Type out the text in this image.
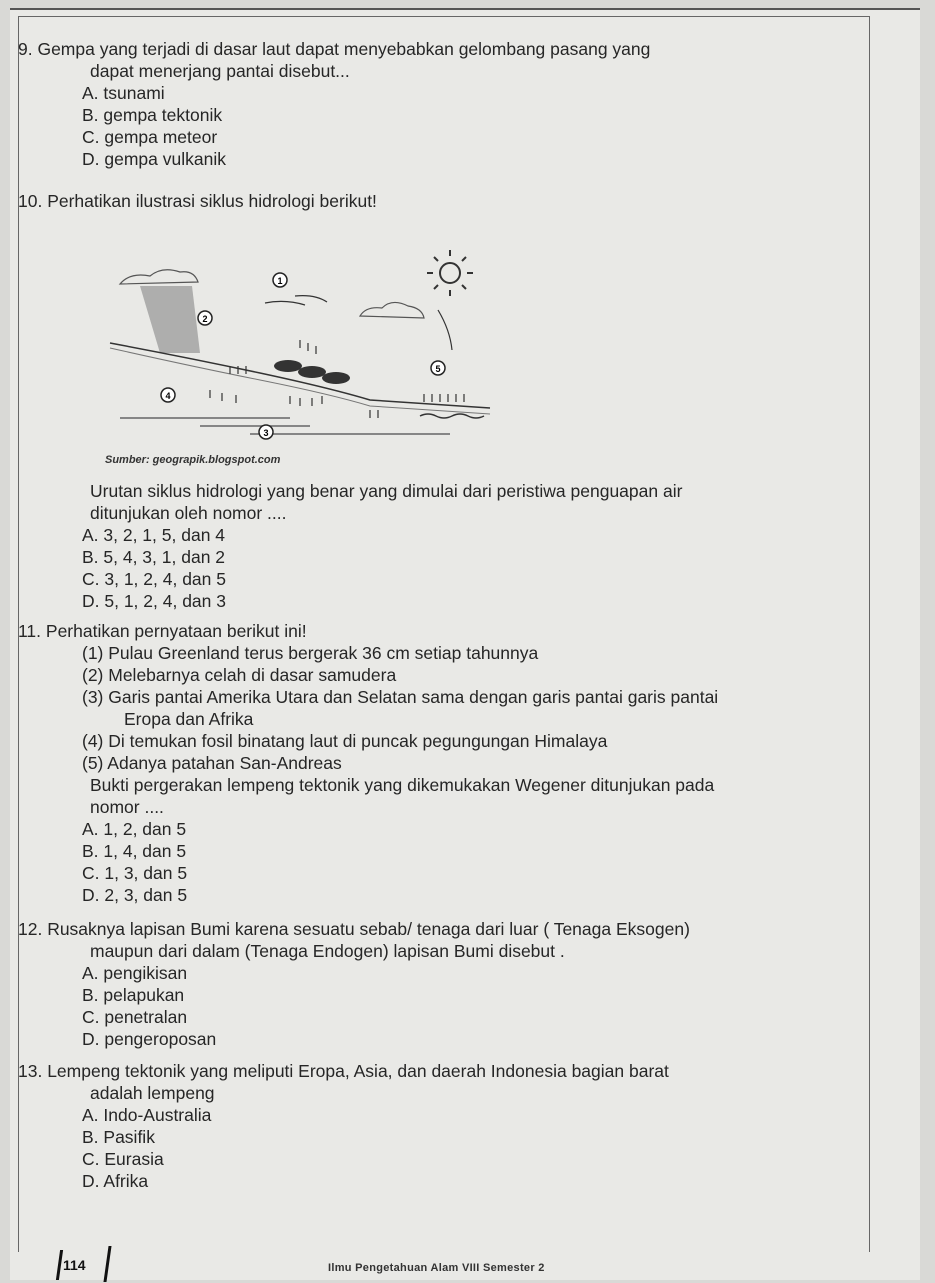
9. Gempa yang terjadi di dasar laut dapat menyebabkan gelombang pasang yang

dapat menerjang pantai disebut...

A. tsunami

B. gempa tektonik

C. gempa meteor

D. gempa vulkanik

10. Perhatikan ilustrasi siklus hidrologi berikut!

1
2
3
4
5
Sumber: geograpik.blogspot.com

Urutan siklus hidrologi yang benar yang dimulai dari peristiwa penguapan air

ditunjukan oleh nomor ....

A. 3, 2, 1, 5, dan 4

B. 5, 4, 3, 1, dan 2

C. 3, 1, 2, 4, dan 5

D. 5, 1, 2, 4, dan 3

11. Perhatikan pernyataan berikut ini!

(1) Pulau Greenland terus bergerak 36 cm setiap tahunnya

(2) Melebarnya celah di dasar samudera

(3) Garis pantai Amerika Utara dan Selatan sama dengan garis pantai garis pantai

Eropa dan Afrika

(4) Di temukan fosil binatang laut di puncak pegungungan Himalaya

(5) Adanya patahan San-Andreas

Bukti pergerakan lempeng tektonik yang dikemukakan Wegener ditunjukan pada

nomor ....

A. 1, 2, dan 5

B. 1, 4, dan 5

C. 1, 3, dan 5

D. 2, 3, dan 5

12. Rusaknya lapisan Bumi karena sesuatu sebab/ tenaga dari luar ( Tenaga Eksogen)

maupun dari dalam (Tenaga Endogen) lapisan Bumi disebut .

A. pengikisan

B. pelapukan

C. penetralan

D. pengeroposan

13. Lempeng tektonik yang meliputi Eropa, Asia, dan daerah Indonesia bagian barat

adalah lempeng

A. Indo-Australia

B. Pasifik

C. Eurasia

D. Afrika

114	Ilmu Pengetahuan Alam VIII Semester 2
